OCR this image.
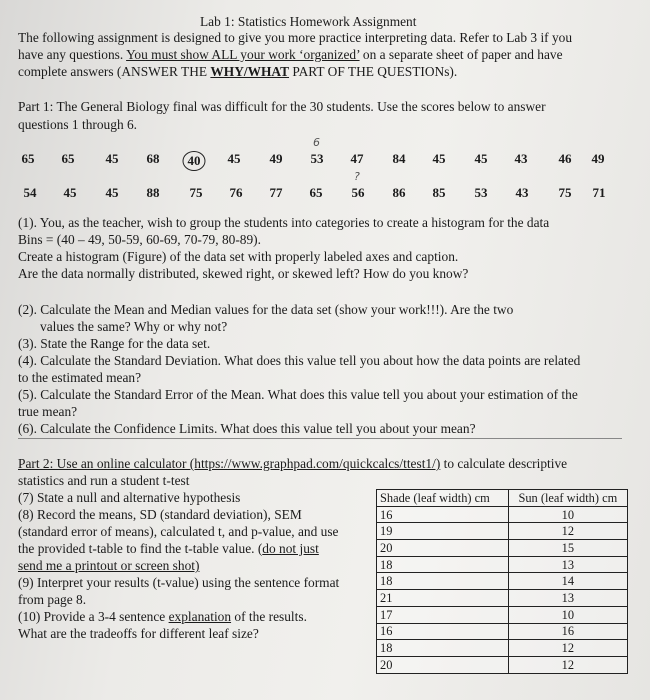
Lab 1: Statistics Homework Assignment
The following assignment is designed to give you more practice interpreting data. Refer to Lab 3 if you
have any questions. You must show ALL your work ‘organized’ on a separate sheet of paper and have
complete answers (ANSWER THE WHY/WHAT PART OF THE QUESTIONs).
Part 1: The General Biology final was difficult for the 30 students. Use the scores below to answer
questions 1 through 6.
65 65 45 68	40	45 49 53 47 84 45 45 43 46 49
6
?
54 45 45 88 75 76 77 65 56 86 85 53 43 75 71
(1). You, as the teacher, wish to group the students into categories to create a histogram for the data
Bins = (40 – 49, 50-59, 60-69, 70-79, 80-89).
Create a histogram (Figure) of the data set with properly labeled axes and caption.
Are the data normally distributed, skewed right, or skewed left? How do you know?
(2). Calculate the Mean and Median values for the data set (show your work!!!). Are the two
values the same? Why or why not?
(3). State the Range for the data set.
(4). Calculate the Standard Deviation. What does this value tell you about how the data points are related
to the estimated mean?
(5). Calculate the Standard Error of the Mean. What does this value tell you about your estimation of the
true mean?
(6). Calculate the Confidence Limits. What does this value tell you about your mean?
Part 2: Use an online calculator (https://www.graphpad.com/quickcalcs/ttest1/) to calculate descriptive
statistics and run a student t-test
(7) State a null and alternative hypothesis
(8) Record the means, SD (standard deviation), SEM
(standard error of means), calculated t, and p-value, and use
the provided t-table to find the t-table value. (do not just
send me a printout or screen shot)
(9) Interpret your results (t-value) using the sentence format
from page 8.
(10) Provide a 3-4 sentence explanation of the results.
What are the tradeoffs for different leaf size?
Shade (leaf width) cm	Sun (leaf width) cm
16	10
19	12
20	15
18	13
18	14
21	13
17	10
16	16
18	12
20	12
